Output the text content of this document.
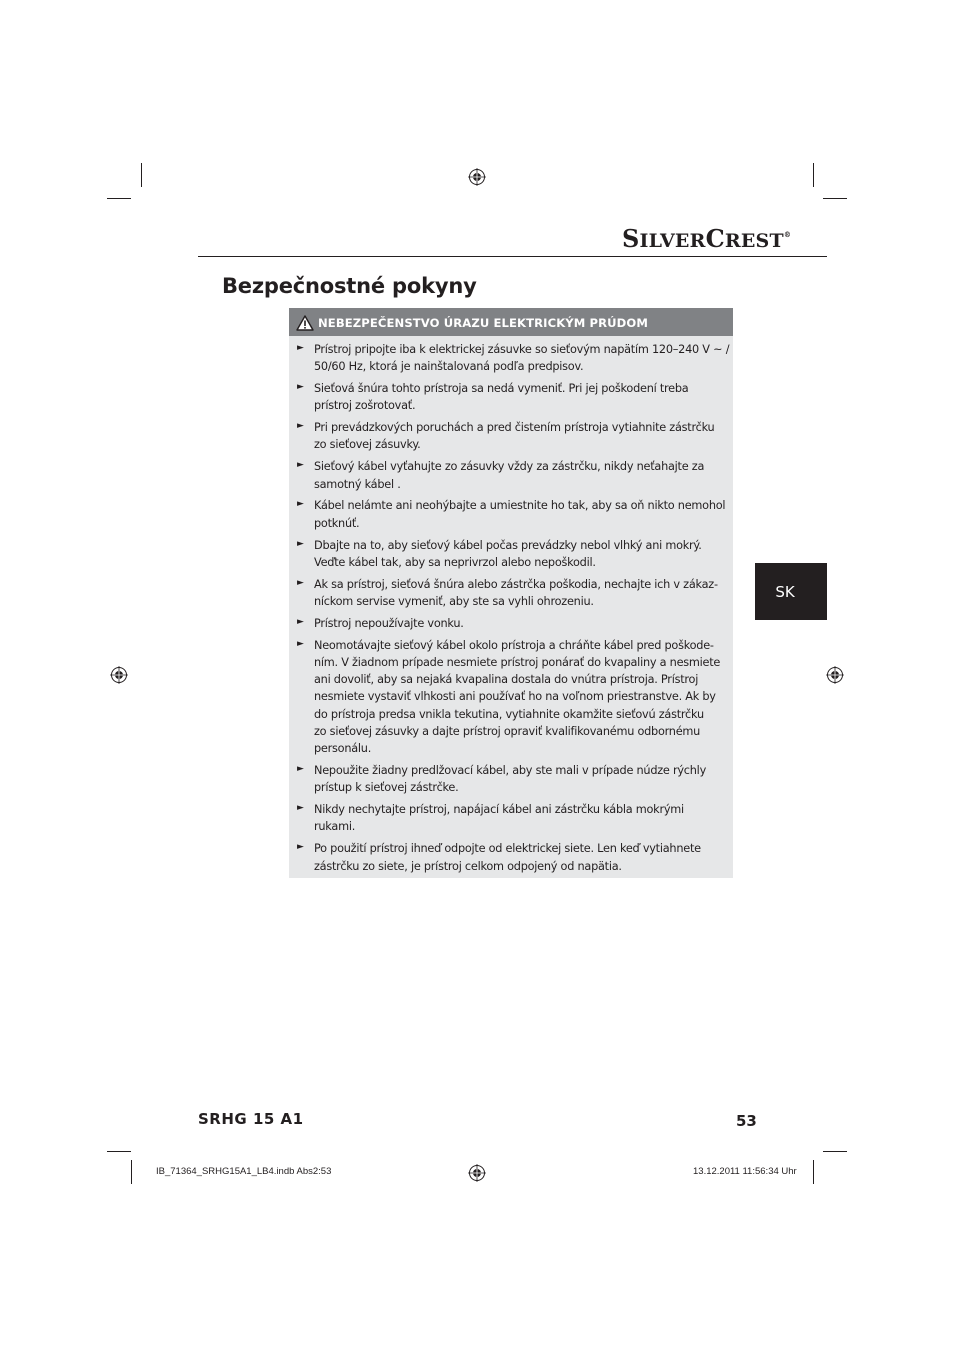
SILVERCREST®
Bezpečnostné pokyny
NEBEZPEČENSTVO ÚRAZU ELEKTRICKÝM PRÚDOM
► Prístroj pripojte iba k elektrickej zásuvke so sieťovým napätím 120–240 V ~ /
50/60 Hz, ktorá je nainštalovaná podľa predpisov.
► Sieťová šnúra tohto prístroja sa nedá vymeniť. Pri jej poškodení treba
prístroj zošrotovať.
► Pri prevádzkových poruchách a pred čistením prístroja vytiahnite zástrčku
zo sieťovej zásuvky.
► Sieťový kábel vyťahujte zo zásuvky vždy za zástrčku, nikdy neťahajte za
samotný kábel .
► Kábel nelámte ani neohýbajte a umiestnite ho tak, aby sa oň nikto nemohol
potknúť.
► Dbajte na to, aby sieťový kábel počas prevádzky nebol vlhký ani mokrý.
Veďte kábel tak, aby sa neprivrzol alebo nepoškodil.
► Ak sa prístroj, sieťová šnúra alebo zástrčka poškodia, nechajte ich v zákaz-
níckom servise vymeniť, aby ste sa vyhli ohrozeniu.
► Prístroj nepoužívajte vonku.
► Neomotávajte sieťový kábel okolo prístroja a chráňte kábel pred poškode-
ním. V žiadnom prípade nesmiete prístroj ponárať do kvapaliny a nesmiete
ani dovoliť, aby sa nejaká kvapalina dostala do vnútra prístroja. Prístroj
nesmiete vystaviť vlhkosti ani používať ho na voľnom priestranstve. Ak by
do prístroja predsa vnikla tekutina, vytiahnite okamžite sieťovú zástrčku
zo sieťovej zásuvky a dajte prístroj opraviť kvalifikovanému odbornému
personálu.
► Nepoužite žiadny predlžovací kábel, aby ste mali v prípade núdze rýchly
prístup k sieťovej zástrčke.
► Nikdy nechytajte prístroj, napájací kábel ani zástrčku kábla mokrými
rukami.
► Po použití prístroj ihneď odpojte od elektrickej siete. Len keď vytiahnete
zástrčku zo siete, je prístroj celkom odpojený od napätia.
SK
SRHG 15 A1	53
IB_71364_SRHG15A1_LB4.indb Abs2:53	13.12.2011 11:56:34 Uhr
